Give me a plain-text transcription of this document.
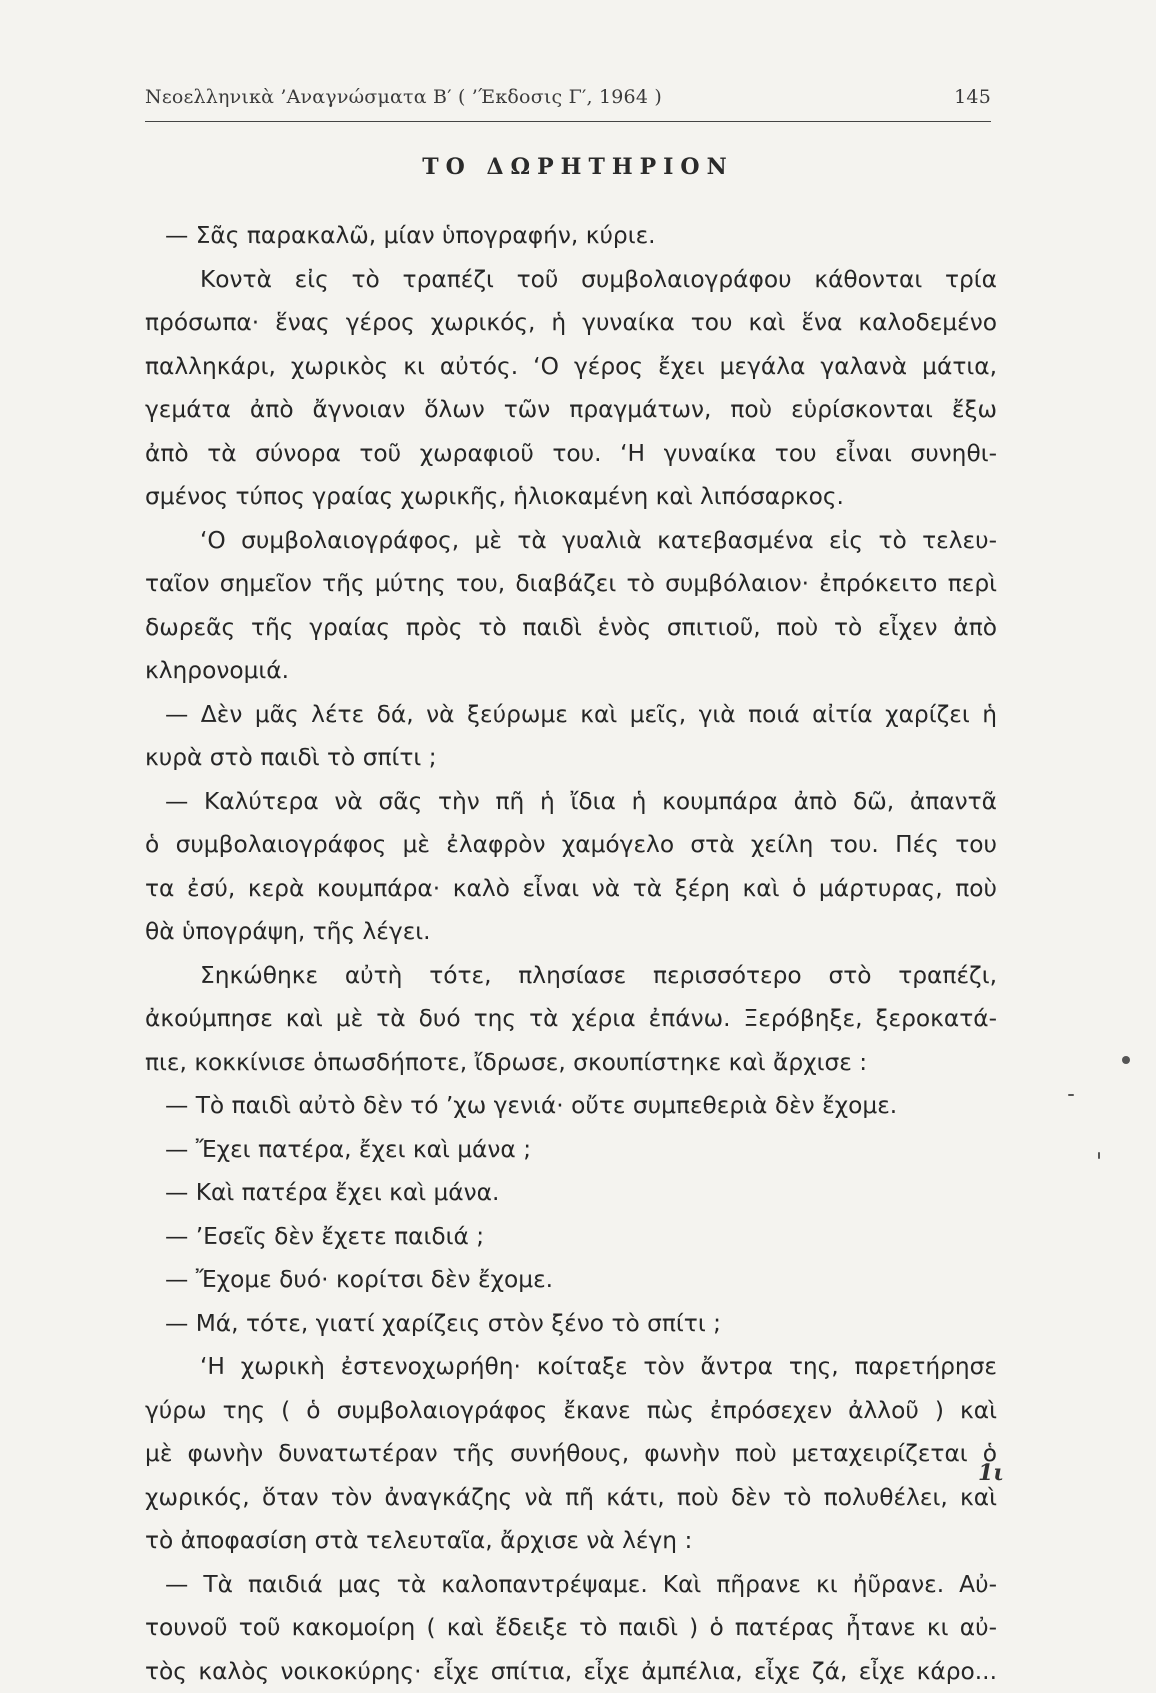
Νεοελληνικὰ ’Αναγνώσματα Β′ ( ’Έκδοσις Γ′, 1964 )	145
ΤΟ ΔΩΡΗΤΗΡΙΟΝ
— Σᾶς παρακαλῶ, μίαν ὑπογραφήν, κύριε.
Κοντὰ εἰς τὸ τραπέζι τοῦ συμβολαιογράφου κάθονται τρία
πρόσωπα· ἕνας γέρος χωρικός, ἡ γυναίκα του καὶ ἕνα καλοδεμένο
παλληκάρι, χωρικὸς κι αὐτός. ‘Ο γέρος ἔχει μεγάλα γαλανὰ μάτια,
γεμάτα ἀπὸ ἄγνοιαν ὅλων τῶν πραγμάτων, ποὺ εὑρίσκονται ἔξω
ἀπὸ τὰ σύνορα τοῦ χωραφιοῦ του. ‘Η γυναίκα του εἶναι συνηθι-
σμένος τύπος γραίας χωρικῆς, ἡλιοκαμένη καὶ λιπόσαρκος.
‘Ο συμβολαιογράφος, μὲ τὰ γυαλιὰ κατεβασμένα εἰς τὸ τελευ-
ταῖον σημεῖον τῆς μύτης του, διαβάζει τὸ συμβόλαιον· ἐπρόκειτο περὶ
δωρεᾶς τῆς γραίας πρὸς τὸ παιδὶ ἑνὸς σπιτιοῦ, ποὺ τὸ εἶχεν ἀπὸ
κληρονομιά.
— Δὲν μᾶς λέτε δά, νὰ ξεύρωμε καὶ μεῖς, γιὰ ποιά αἰτία χαρίζει ἡ
κυρὰ στὸ παιδὶ τὸ σπίτι ;
— Καλύτερα νὰ σᾶς τὴν πῆ ἡ ἴδια ἡ κουμπάρα ἀπὸ δῶ, ἀπαντᾶ
ὁ συμβολαιογράφος μὲ ἐλαφρὸν χαμόγελο στὰ χείλη του. Πές του
τα ἐσύ, κερὰ κουμπάρα· καλὸ εἶναι νὰ τὰ ξέρη καὶ ὁ μάρτυρας, ποὺ
θὰ ὑπογράψη, τῆς λέγει.
Σηκώθηκε αὐτὴ τότε, πλησίασε περισσότερο στὸ τραπέζι,
ἀκούμπησε καὶ μὲ τὰ δυό της τὰ χέρια ἐπάνω. Ξερόβηξε, ξεροκατά-
πιε, κοκκίνισε ὁπωσδήποτε, ἴδρωσε, σκουπίστηκε καὶ ἄρχισε :
— Τὸ παιδὶ αὐτὸ δὲν τό ’χω γενιά· οὔτε συμπεθεριὰ δὲν ἔχομε.
— Ἔχει πατέρα, ἔχει καὶ μάνα ;
— Καὶ πατέρα ἔχει καὶ μάνα.
— ’Εσεῖς δὲν ἔχετε παιδιά ;
— Ἔχομε δυό· κορίτσι δὲν ἔχομε.
— Μά, τότε, γιατί χαρίζεις στὸν ξένο τὸ σπίτι ;
‘Η χωρικὴ ἐστενοχωρήθη· κοίταξε τὸν ἄντρα της, παρετήρησε
γύρω της ( ὁ συμβολαιογράφος ἔκανε πὼς ἐπρόσεχεν ἀλλοῦ ) καὶ
μὲ φωνὴν δυνατωτέραν τῆς συνήθους, φωνὴν ποὺ μεταχειρίζεται ὁ
χωρικός, ὅταν τὸν ἀναγκάζης νὰ πῆ κάτι, ποὺ δὲν τὸ πολυθέλει, καὶ
τὸ ἀποφασίση στὰ τελευταῖα, ἄρχισε νὰ λέγη :
— Τὰ παιδιά μας τὰ καλοπαντρέψαμε. Καὶ πῆρανε κι ἠῦρανε. Αὐ-
τουνοῦ τοῦ κακομοίρη ( καὶ ἔδειξε τὸ παιδὶ ) ὁ πατέρας ἦτανε κι αὐ-
τὸς καλὸς νοικοκύρης· εἶχε σπίτια, εἶχε ἀμπέλια, εἶχε ζά, εἶχε κάρο...
1ι
